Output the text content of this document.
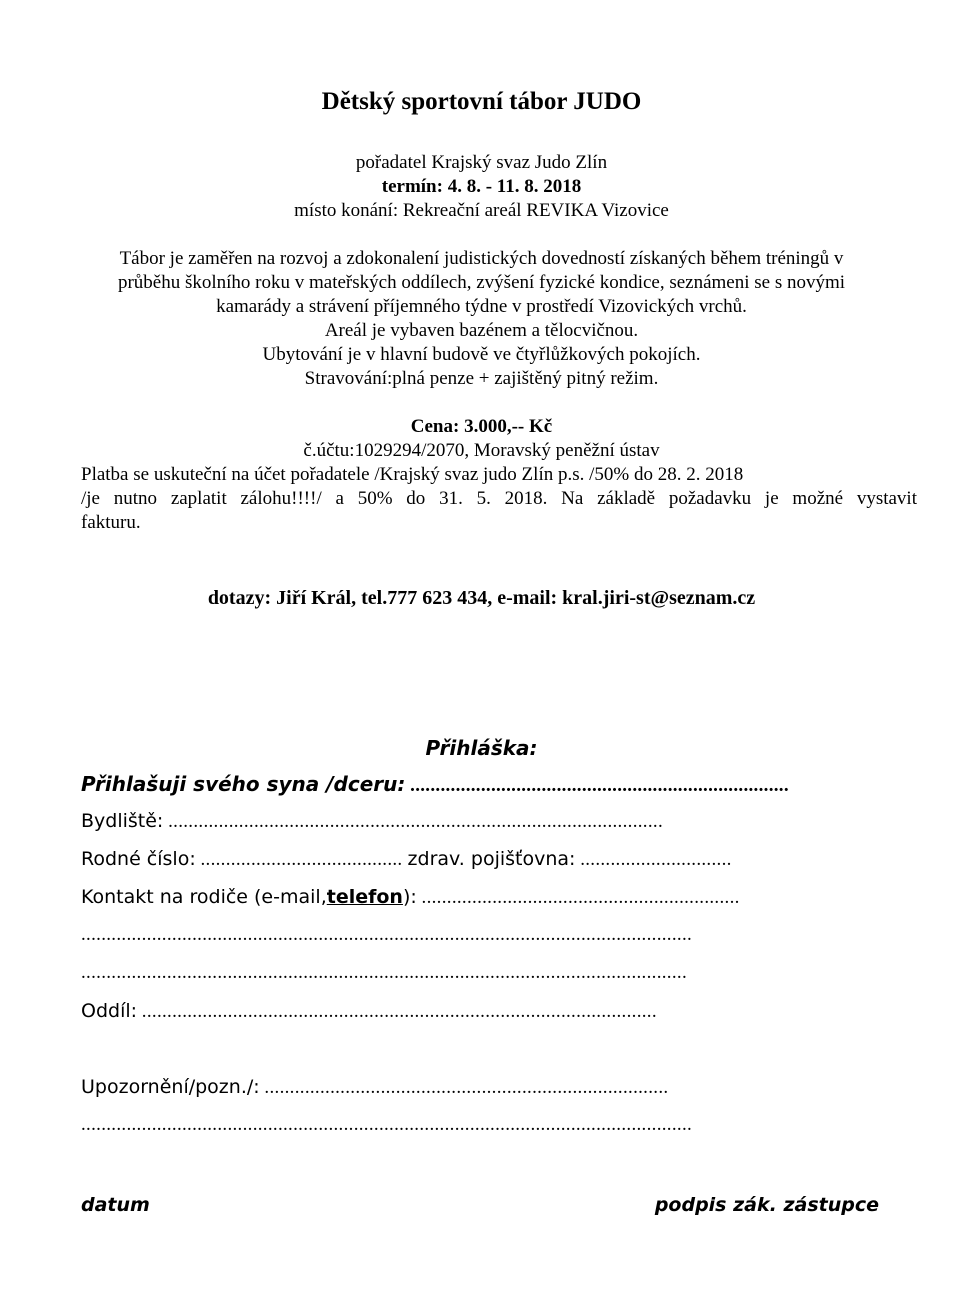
Dětský sportovní tábor JUDO
pořadatel Krajský svaz Judo Zlín
termín: 4. 8. - 11. 8. 2018
místo konání: Rekreační areál REVIKA Vizovice
Tábor je zaměřen na rozvoj a zdokonalení judistických dovedností získaných během tréningů v
průběhu školního roku v mateřských oddílech, zvýšení fyzické kondice, seznámeni se s novými
kamarády a strávení příjemného týdne v prostředí Vizovických vrchů.
Areál je vybaven bazénem a tělocvičnou.
Ubytování je v hlavní budově ve čtyřlůžkových pokojích.
Stravování:plná penze + zajištěný pitný režim.
Cena: 3.000,-- Kč
č.účtu:1029294/2070, Moravský peněžní ústav
Platba se uskuteční na účet pořadatele /Krajský svaz judo Zlín p.s. /50% do 28. 2. 2018
/je nutno zaplatit zálohu!!!!/ a 50% do 31. 5. 2018. Na základě požadavku je možné vystavit
fakturu.
dotazy: Jiří Král, tel.777 623 434, e-mail: kral.jiri-st@seznam.cz
Přihláška:
Přihlašuji svého syna /dceru: ...........................................................................
Bydliště: ..................................................................................................
Rodné číslo: ........................................ zdrav. pojišťovna: ..............................
Kontakt na rodiče (e-mail,telefon): ...............................................................
.........................................................................................................................
........................................................................................................................
Oddíl: ......................................................................................................
Upozornění/pozn./: ................................................................................
.........................................................................................................................
datum	podpis zák. zástupce
